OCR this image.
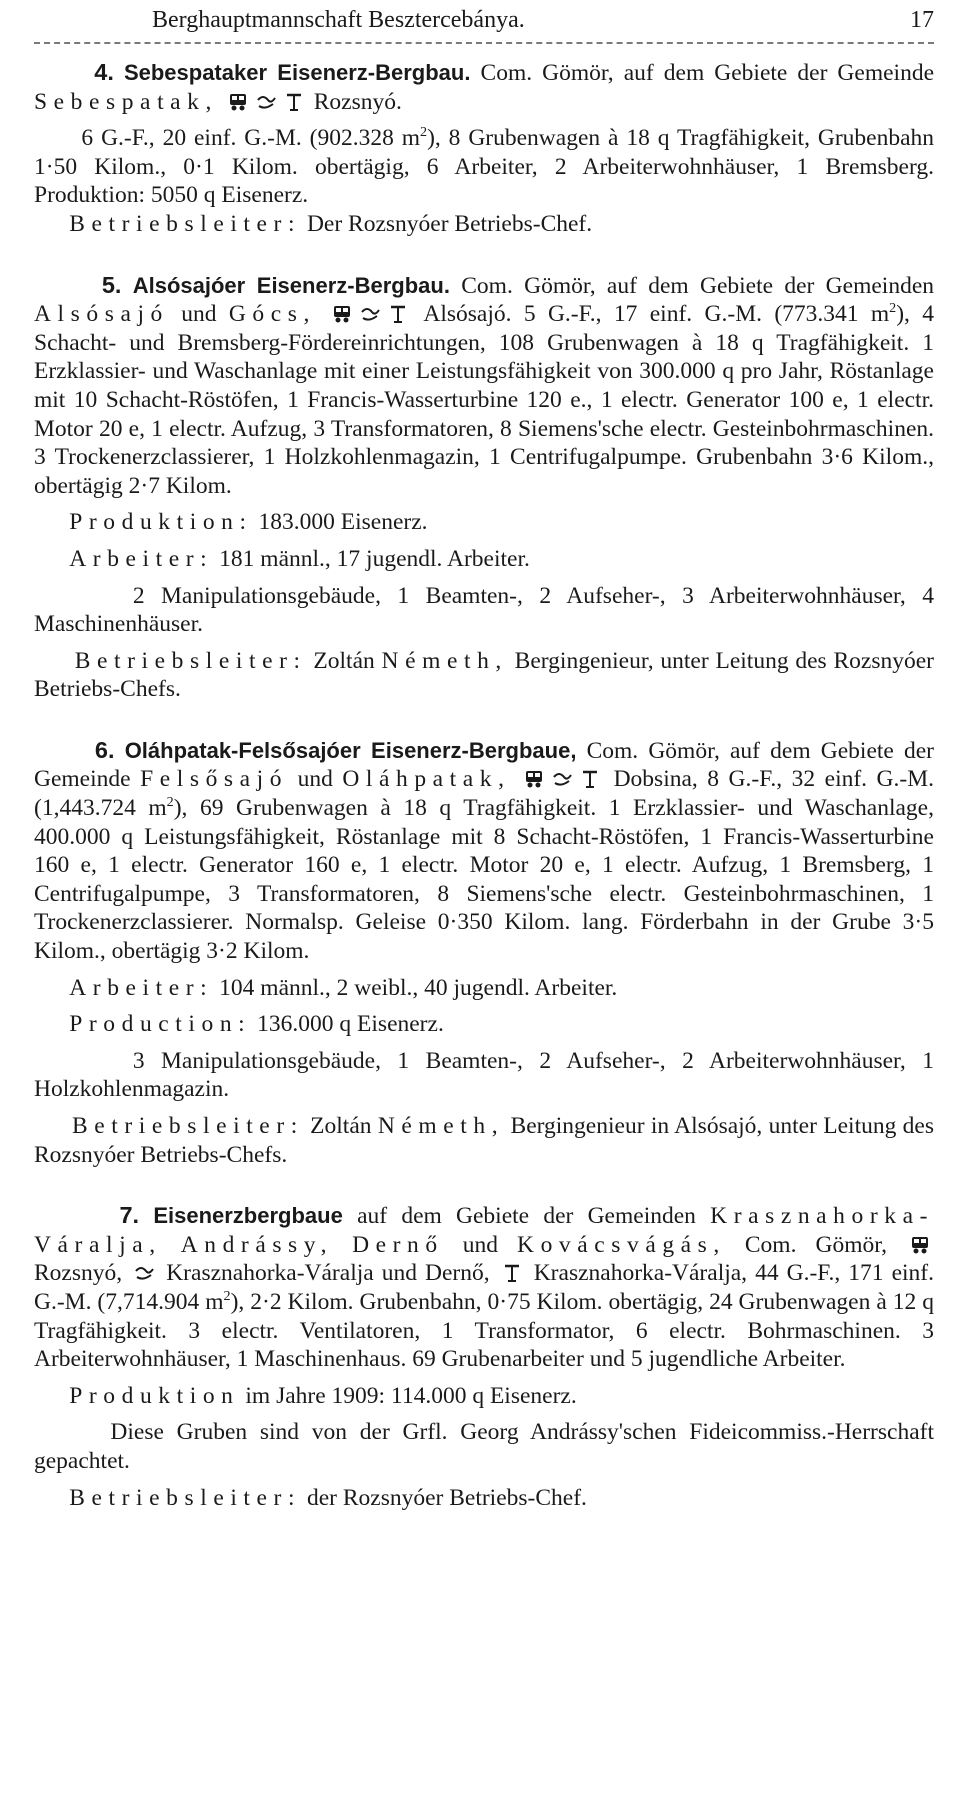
Berghauptmannschaft Besztercebánya.	17

4. Sebespataker Eisenerz-Bergbau. Com. Gömör, auf dem Gebiete der Gemeinde Sebespatak,	Rozsnyó.

6 G.-F., 20 einf. G.-M. (902.328 $m^2$), 8 Grubenwagen à 18 q Tragfähigkeit, Grubenbahn 1·50 Kilom., 0·1 Kilom. obertägig, 6 Arbeiter, 2 Arbeiterwohnhäuser, 1 Bremsberg. Produktion: 5050 q Eisenerz.

Betriebsleiter: Der Rozsnyóer Betriebs-Chef.

5. Alsósajóer Eisenerz-Bergbau. Com. Gömör, auf dem Gebiete der Gemeinden Alsósajó und Gócs,	Alsósajó. 5 G.-F., 17 einf. G.-M. (773.341 $m^2$), 4 Schacht- und Bremsberg-Fördereinrichtungen, 108 Grubenwagen à 18 q Tragfähigkeit. 1 Erzklassier- und Waschanlage mit einer Leistungsfähigkeit von 300.000 q pro Jahr, Röstanlage mit 10 Schacht-Röstöfen, 1 Francis-Wasserturbine 120 e., 1 electr. Generator 100 e, 1 electr. Motor 20 e, 1 electr. Aufzug, 3 Transformatoren, 8 Siemens'sche electr. Gesteinbohrmaschinen. 3 Trockenerzclassierer, 1 Holzkohlenmagazin, 1 Centrifugalpumpe. Grubenbahn 3·6 Kilom., obertägig 2·7 Kilom.

Produktion: 183.000 Eisenerz.

Arbeiter: 181 männl., 17 jugendl. Arbeiter.

2 Manipulationsgebäude, 1 Beamten-, 2 Aufseher-, 3 Arbeiterwohnhäuser, 4 Maschinenhäuser.

Betriebsleiter: Zoltán Németh, Bergingenieur, unter Leitung des Rozsnyóer Betriebs-Chefs.

6. Oláhpatak-Felsősajóer Eisenerz-Bergbaue, Com. Gömör, auf dem Gebiete der Gemeinde Felsősajó und Oláhpatak,	Dobsina, 8 G.-F., 32 einf. G.-M. (1,443.724 $m^2$), 69 Grubenwagen à 18 q Tragfähigkeit. 1 Erzklassier- und Waschanlage, 400.000 q Leistungsfähigkeit, Röstanlage mit 8 Schacht-Röstöfen, 1 Francis-Wasserturbine 160 e, 1 electr. Generator 160 e, 1 electr. Motor 20 e, 1 electr. Aufzug, 1 Bremsberg, 1 Centrifugalpumpe, 3 Transformatoren, 8 Siemens'sche electr. Gesteinbohrmaschinen, 1 Trockenerzclassierer. Normalsp. Geleise 0·350 Kilom. lang. Förderbahn in der Grube 3·5 Kilom., obertägig 3·2 Kilom.

Arbeiter: 104 männl., 2 weibl., 40 jugendl. Arbeiter.

Production: 136.000 q Eisenerz.

3 Manipulationsgebäude, 1 Beamten-, 2 Aufseher-, 2 Arbeiterwohnhäuser, 1 Holzkohlenmagazin.

Betriebsleiter: Zoltán Németh, Bergingenieur in Alsósajó, unter Leitung des Rozsnyóer Betriebs-Chefs.

7. Eisenerzbergbaue auf dem Gebiete der Gemeinden Krasznahorka-Váralja, Andrássy, Dernő und Kovácsvágás, Com. Gömör,  Rozsnyó,  Krasznahorka-Váralja und Dernő,  Krasznahorka-Váralja, 44 G.-F., 171 einf. G.-M. (7,714.904 $m^2$), 2·2 Kilom. Grubenbahn, 0·75 Kilom. obertägig, 24 Grubenwagen à 12 q Tragfähigkeit. 3 electr. Ventilatoren, 1 Transformator, 6 electr. Bohrmaschinen. 3 Arbeiterwohnhäuser, 1 Maschinenhaus. 69 Grubenarbeiter und 5 jugendliche Arbeiter.

Produktion im Jahre 1909: 114.000 q Eisenerz.

Diese Gruben sind von der Grfl. Georg Andrássy'schen Fideicommiss.-Herrschaft gepachtet.

Betriebsleiter: der Rozsnyóer Betriebs-Chef.
